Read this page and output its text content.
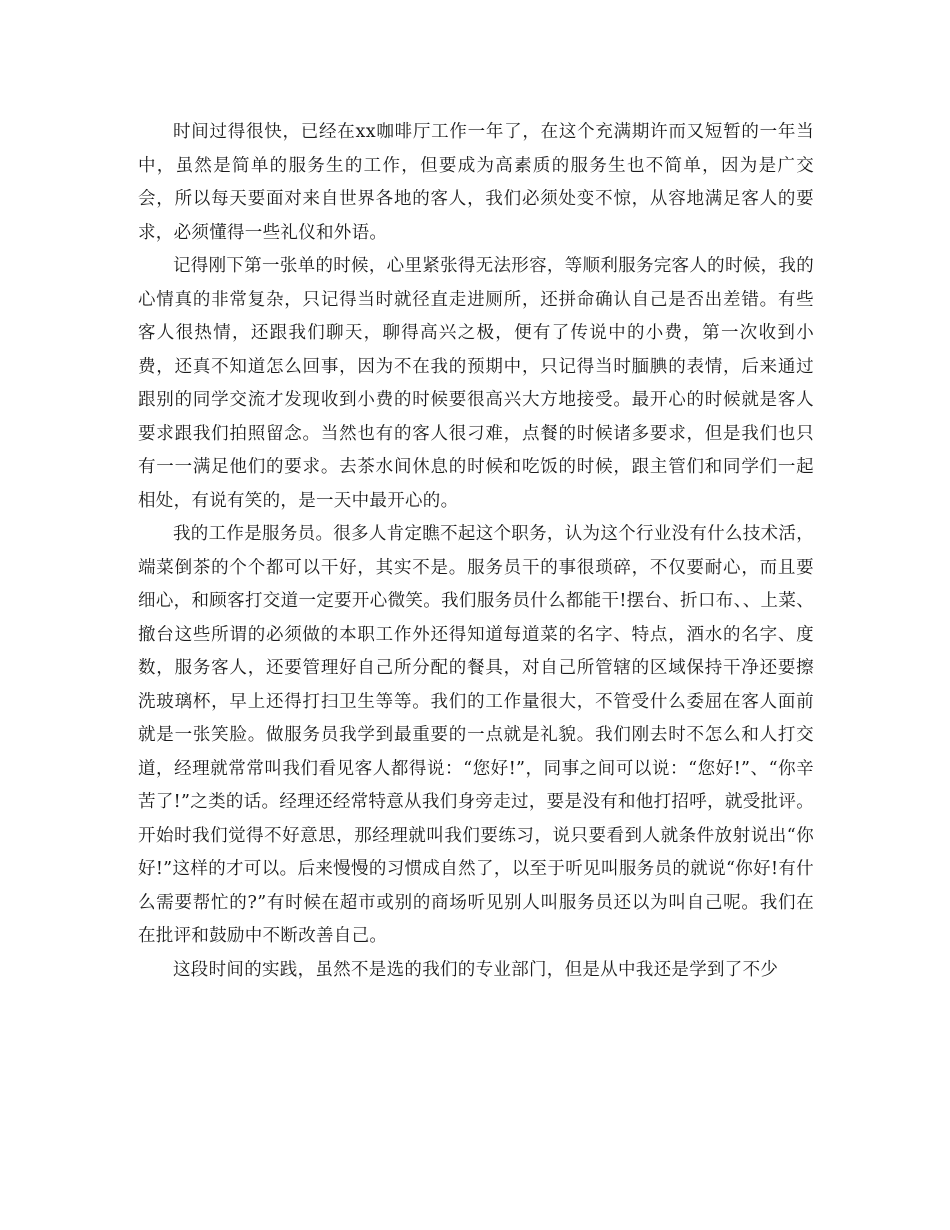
时间过得很快，已经在xx咖啡厅工作一年了，在这个充满期许而又短暂的一年当中，虽然是简单的服务生的工作，但要成为高素质的服务生也不简单，因为是广交会，所以每天要面对来自世界各地的客人，我们必须处变不惊，从容地满足客人的要求，必须懂得一些礼仪和外语。

记得刚下第一张单的时候，心里紧张得无法形容，等顺利服务完客人的时候，我的心情真的非常复杂，只记得当时就径直走进厕所，还拼命确认自己是否出差错。有些客人很热情，还跟我们聊天，聊得高兴之极，便有了传说中的小费，第一次收到小费，还真不知道怎么回事，因为不在我的预期中，只记得当时腼腆的表情，后来通过跟别的同学交流才发现收到小费的时候要很高兴大方地接受。最开心的时候就是客人要求跟我们拍照留念。当然也有的客人很刁难，点餐的时候诸多要求，但是我们也只有一一满足他们的要求。去茶水间休息的时候和吃饭的时候，跟主管们和同学们一起相处，有说有笑的，是一天中最开心的。

我的工作是服务员。很多人肯定瞧不起这个职务，认为这个行业没有什么技术活，端菜倒茶的个个都可以干好，其实不是。服务员干的事很琐碎，不仅要耐心，而且要细心，和顾客打交道一定要开心微笑。我们服务员什么都能干!摆台、折口布、、上菜、撤台这些所谓的必须做的本职工作外还得知道每道菜的名字、特点，酒水的名字、度数，服务客人，还要管理好自己所分配的餐具，对自己所管辖的区域保持干净还要擦洗玻璃杯，早上还得打扫卫生等等。我们的工作量很大，不管受什么委屈在客人面前就是一张笑脸。做服务员我学到最重要的一点就是礼貌。我们刚去时不怎么和人打交道，经理就常常叫我们看见客人都得说：“您好!”，同事之间可以说：“您好!”、“你辛苦了!”之类的话。经理还经常特意从我们身旁走过，要是没有和他打招呼，就受批评。开始时我们觉得不好意思，那经理就叫我们要练习，说只要看到人就条件放射说出“你好!”这样的才可以。后来慢慢的习惯成自然了，以至于听见叫服务员的就说“你好!有什么需要帮忙的?”有时候在超市或别的商场听见别人叫服务员还以为叫自己呢。我们在在批评和鼓励中不断改善自己。

这段时间的实践，虽然不是选的我们的专业部门，但是从中我还是学到了不少
